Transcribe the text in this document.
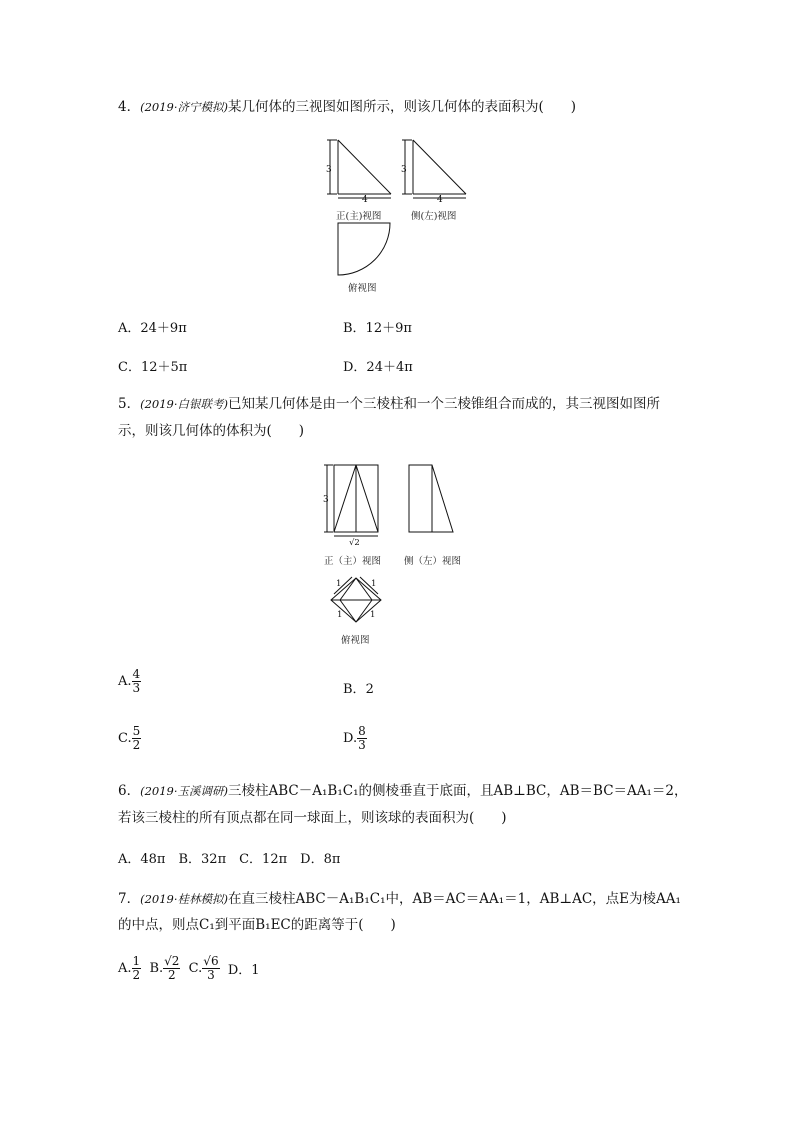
4．(2019·济宁模拟)某几何体的三视图如图所示，则该几何体的表面积为(　　)
3
4
正(主)视图
3
4
侧(左)视图
俯视图
A．24＋9π	B．12＋9π
C．12＋5π	D．24＋4π
5．(2019·白银联考)已知某几何体是由一个三棱柱和一个三棱锥组合而成的，其三视图如图所
示，则该几何体的体积为(　　)
3
√2
正（主）视图 侧（左）视图
1	1
1	1
俯视图
A. $\frac{4}{3}$	B．2
C. $\frac{5}{2}$	D. $\frac{8}{3}$
6．(2019·玉溪调研)三棱柱ABC－A₁B₁C₁的侧棱垂直于底面，且AB⊥BC，AB＝BC＝AA₁＝2，
若该三棱柱的所有顶点都在同一球面上，则该球的表面积为(　　)
A．48π　B．32π　C．12π　D．8π
7．(2019·桂林模拟)在直三棱柱ABC－A₁B₁C₁中，AB＝AC＝AA₁＝1，AB⊥AC，点E为棱AA₁
的中点，则点C₁到平面B₁EC的距离等于(　　)
A. $\frac{1}{2} B$. $\frac{√2}{2} C$. $\frac{√6}{3}$ D．1
